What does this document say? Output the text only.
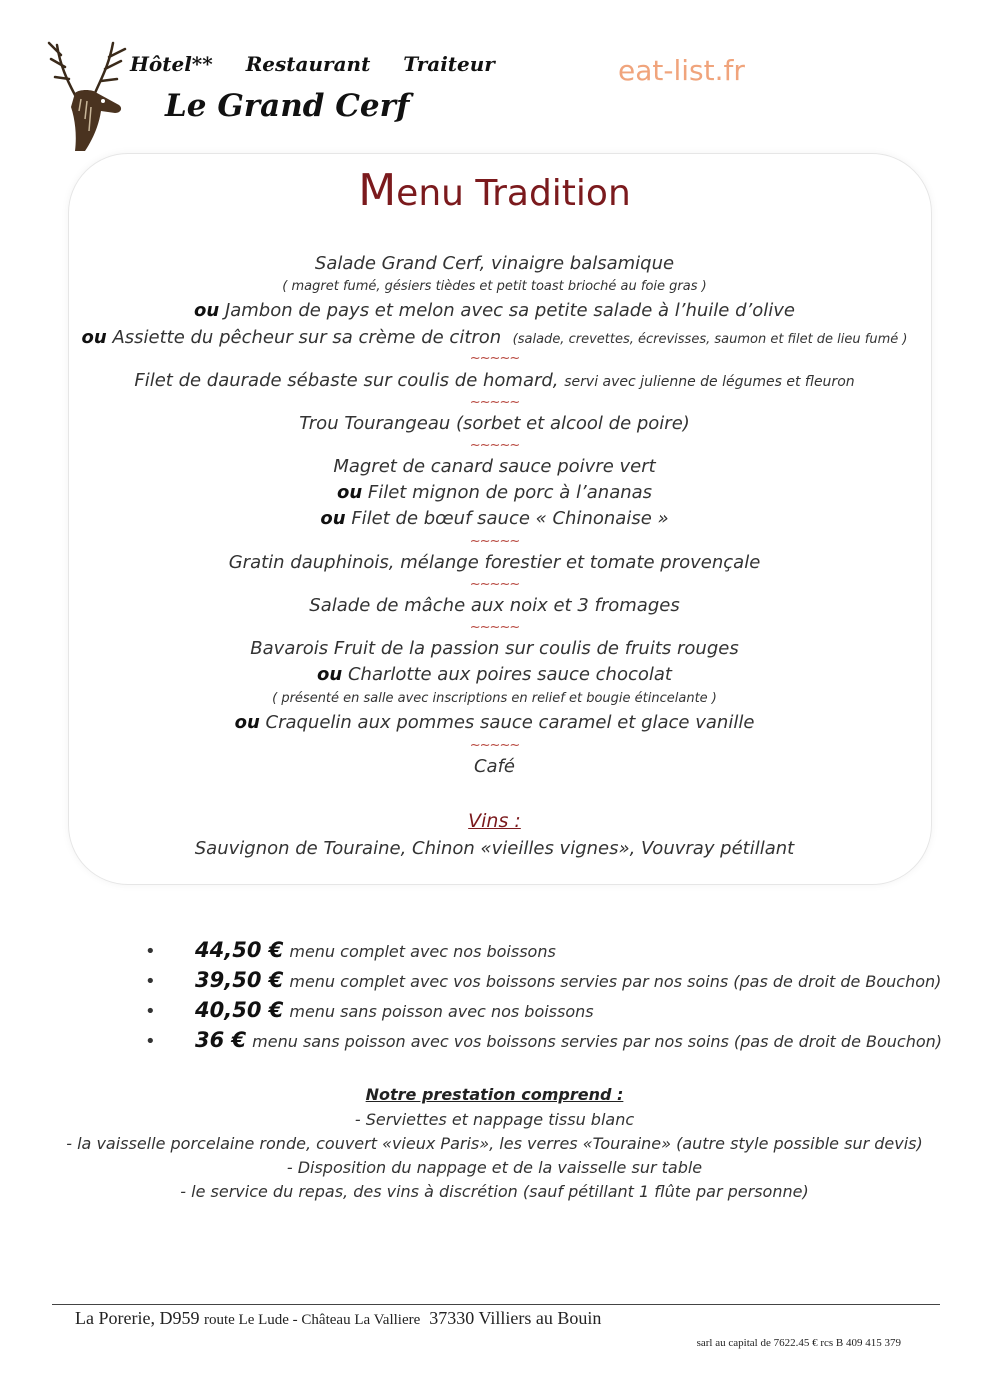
Hôtel** Restaurant Traiteur
Le Grand Cerf
eat-list.fr
Menu Tradition
Salade Grand Cerf, vinaigre balsamique
( magret fumé, gésiers tièdes et petit toast brioché au foie gras )
ou Jambon de pays et melon avec sa petite salade à l’huile d’olive
ou Assiette du pêcheur sur sa crème de citron (salade, crevettes, écrevisses, saumon et filet de lieu fumé )
~~~~~
Filet de daurade sébaste sur coulis de homard, servi avec julienne de légumes et fleuron
~~~~~
Trou Tourangeau (sorbet et alcool de poire)
~~~~~
Magret de canard sauce poivre vert
ou Filet mignon de porc à l’ananas
ou Filet de bœuf sauce « Chinonaise »
~~~~~
Gratin dauphinois, mélange forestier et tomate provençale
~~~~~
Salade de mâche aux noix et 3 fromages
~~~~~
Bavarois Fruit de la passion sur coulis de fruits rouges
ou Charlotte aux poires sauce chocolat
( présenté en salle avec inscriptions en relief et bougie étincelante )
ou Craquelin aux pommes sauce caramel et glace vanille
~~~~~
Café
Vins :
Sauvignon de Touraine, Chinon «vieilles vignes», Vouvray pétillant
•	44,50 € menu complet avec nos boissons
•	39,50 € menu complet avec vos boissons servies par nos soins (pas de droit de Bouchon)
•	40,50 € menu sans poisson avec nos boissons
•	36 € menu sans poisson avec vos boissons servies par nos soins (pas de droit de Bouchon)
Notre prestation comprend :
- Serviettes et nappage tissu blanc
- la vaisselle porcelaine ronde, couvert «vieux Paris», les verres «Touraine» (autre style possible sur devis)
- Disposition du nappage et de la vaisselle sur table
- le service du repas, des vins à discrétion (sauf pétillant 1 flûte par personne)
La Porerie, D959 route Le Lude - Château La Valliere 37330 Villiers au Bouin
sarl au capital de 7622.45 € rcs B 409 415 379
